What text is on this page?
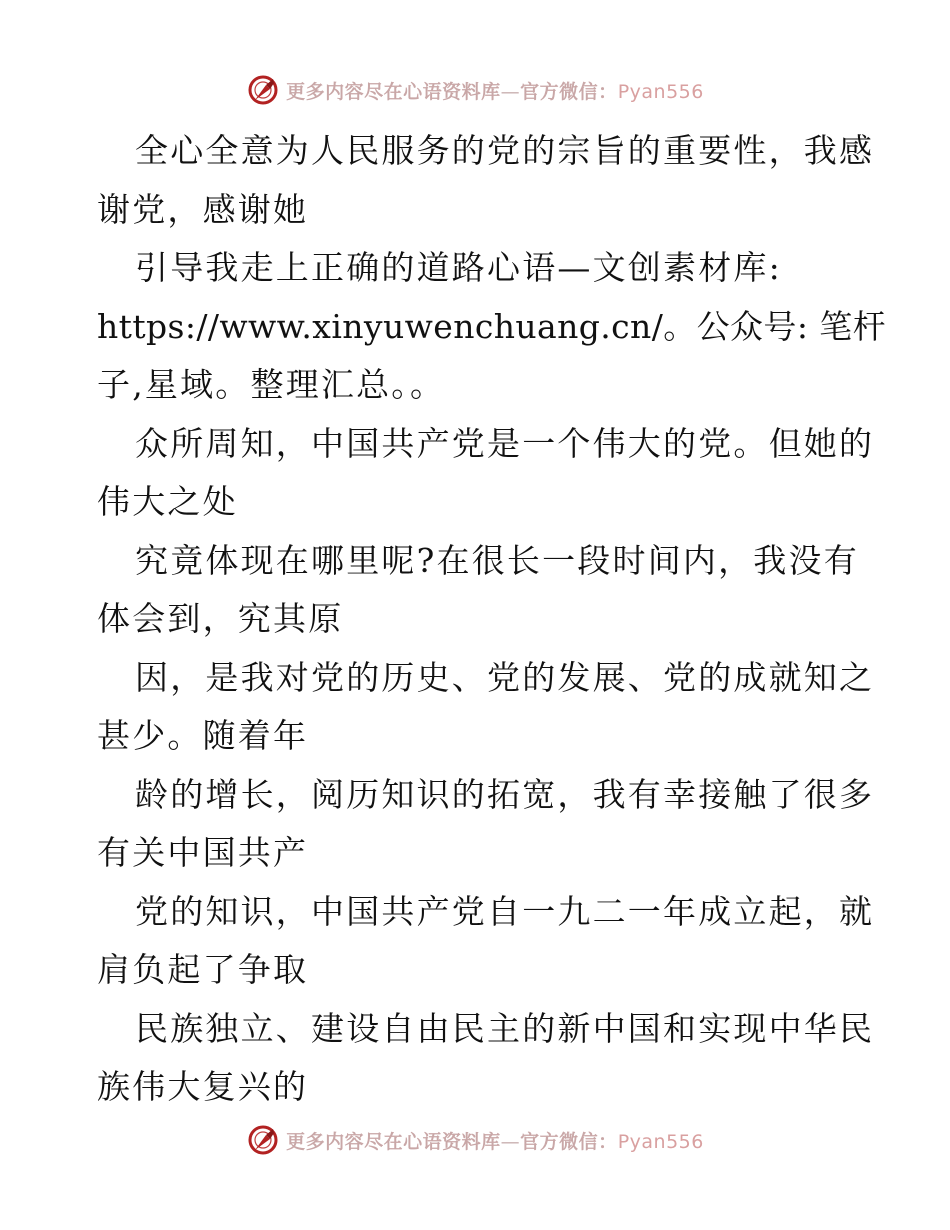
更多内容尽在心语资料库—官方微信：Pyan556
全心全意为人民服务的党的宗旨的重要性，我感
谢党，感谢她
引导我走上正确的道路心语—文创素材库:
https://www.xinyuwenchuang.cn/。公众号: 笔杆
子,星域。整理汇总。。
众所周知，中国共产党是一个伟大的党。但她的
伟大之处
究竟体现在哪里呢?在很长一段时间内，我没有
体会到，究其原
因，是我对党的历史、党的发展、党的成就知之
甚少。随着年
龄的增长，阅历知识的拓宽，我有幸接触了很多
有关中国共产
党的知识，中国共产党自一九二一年成立起，就
肩负起了争取
民族独立、建设自由民主的新中国和实现中华民
族伟大复兴的
更多内容尽在心语资料库—官方微信：Pyan556
